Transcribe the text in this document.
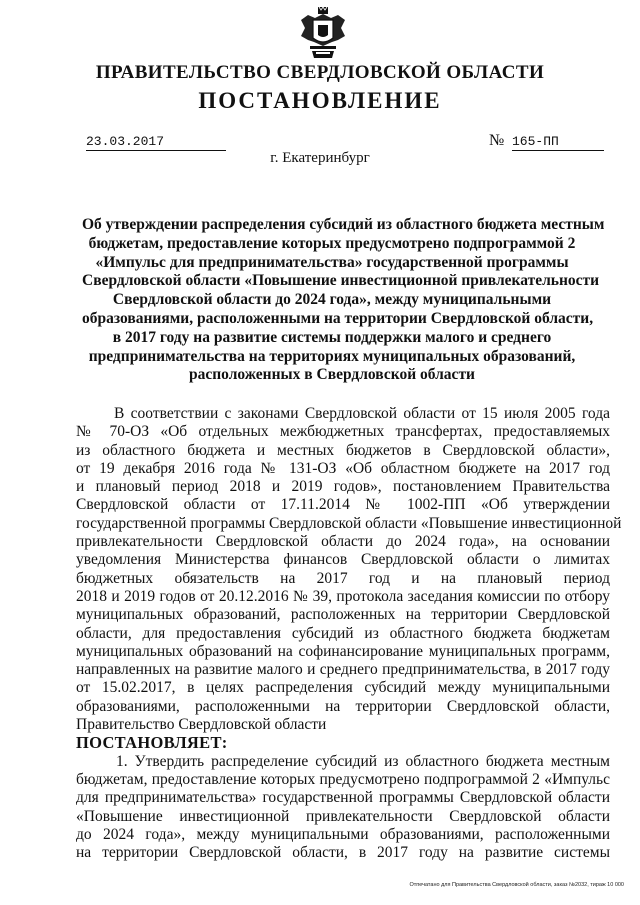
ПРАВИТЕЛЬСТВО СВЕРДЛОВСКОЙ ОБЛАСТИ
ПОСТАНОВЛЕНИЕ
23.03.2017	№ 165-ПП
г. Екатеринбург
Об утверждении распределения субсидий из областного бюджета местным
бюджетам, предоставление которых предусмотрено подпрограммой 2
«Импульс для предпринимательства» государственной программы
Свердловской области «Повышение инвестиционной привлекательности
Свердловской области до 2024 года», между муниципальными
образованиями, расположенными на территории Свердловской области,
в 2017 году на развитие системы поддержки малого и среднего
предпринимательства на территориях муниципальных образований,
расположенных в Свердловской области
В соответствии с законами Свердловской области от 15 июля 2005 года
№ 70-ОЗ «Об отдельных межбюджетных трансфертах, предоставляемых
из областного бюджета и местных бюджетов в Свердловской области»,
от 19 декабря 2016 года № 131-ОЗ «Об областном бюджете на 2017 год
и плановый период 2018 и 2019 годов», постановлением Правительства
Свердловской области от 17.11.2014 № 1002-ПП «Об утверждении
государственной программы Свердловской области «Повышение инвестиционной
привлекательности Свердловской области до 2024 года», на основании
уведомления Министерства финансов Свердловской области о лимитах
бюджетных обязательств на 2017 год и на плановый период
2018 и 2019 годов от 20.12.2016 № 39, протокола заседания комиссии по отбору
муниципальных образований, расположенных на территории Свердловской
области, для предоставления субсидий из областного бюджета бюджетам
муниципальных образований на софинансирование муниципальных программ,
направленных на развитие малого и среднего предпринимательства, в 2017 году
от 15.02.2017, в целях распределения субсидий между муниципальными
образованиями, расположенными на территории Свердловской области,
Правительство Свердловской области
ПОСТАНОВЛЯЕТ:
1. Утвердить распределение субсидий из областного бюджета местным
бюджетам, предоставление которых предусмотрено подпрограммой 2 «Импульс
для предпринимательства» государственной программы Свердловской области
«Повышение инвестиционной привлекательности Свердловской области
до 2024 года», между муниципальными образованиями, расположенными
на территории Свердловской области, в 2017 году на развитие системы
Отпечатано для Правительства Свердловской области, заказ №2032, тираж 10 000
